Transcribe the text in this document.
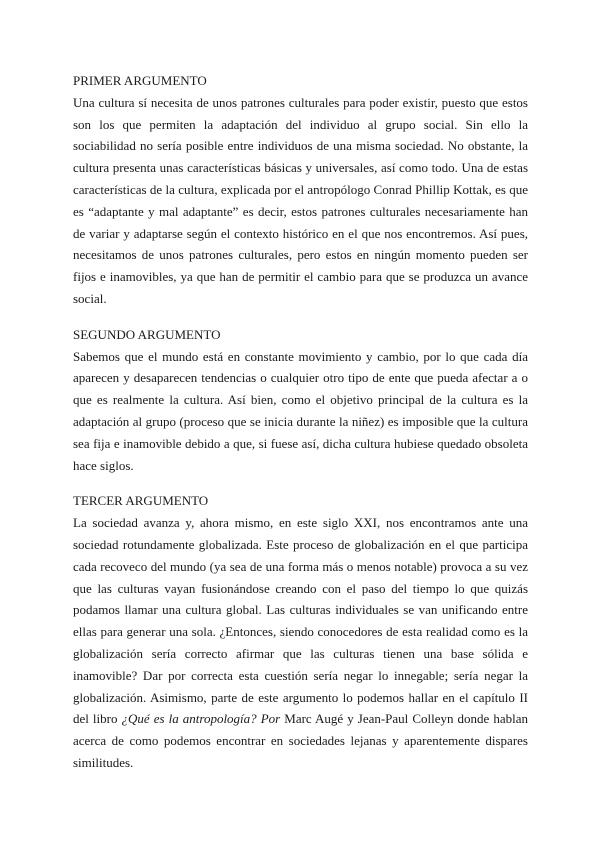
PRIMER ARGUMENTO

Una cultura sí necesita de unos patrones culturales para poder existir, puesto que estos son los que permiten la adaptación del individuo al grupo social. Sin ello la sociabilidad no sería posible entre individuos de una misma sociedad. No obstante, la cultura presenta unas características básicas y universales, así como todo. Una de estas características de la cultura, explicada por el antropólogo Conrad Phillip Kottak, es que es “adaptante y mal adaptante” es decir, estos patrones culturales necesariamente han de variar y adaptarse según el contexto histórico en el que nos encontremos. Así pues, necesitamos de unos patrones culturales, pero estos en ningún momento pueden ser fijos e inamovibles, ya que han de permitir el cambio para que se produzca un avance social.

SEGUNDO ARGUMENTO

Sabemos que el mundo está en constante movimiento y cambio, por lo que cada día aparecen y desaparecen tendencias o cualquier otro tipo de ente que pueda afectar a o que es realmente la cultura. Así bien, como el objetivo principal de la cultura es la adaptación al grupo (proceso que se inicia durante la niñez) es imposible que la cultura sea fija e inamovible debido a que, si fuese así, dicha cultura hubiese quedado obsoleta hace siglos.

TERCER ARGUMENTO

La sociedad avanza y, ahora mismo, en este siglo XXI, nos encontramos ante una sociedad rotundamente globalizada. Este proceso de globalización en el que participa cada recoveco del mundo (ya sea de una forma más o menos notable) provoca a su vez que las culturas vayan fusionándose creando con el paso del tiempo lo que quizás podamos llamar una cultura global. Las culturas individuales se van unificando entre ellas para generar una sola. ¿Entonces, siendo conocedores de esta realidad como es la globalización sería correcto afirmar que las culturas tienen una base sólida e inamovible? Dar por correcta esta cuestión sería negar lo innegable; sería negar la globalización. Asimismo, parte de este argumento lo podemos hallar en el capítulo II del libro ¿Qué es la antropología? Por Marc Augé y Jean-Paul Colleyn donde hablan acerca de como podemos encontrar en sociedades lejanas y aparentemente dispares similitudes.
